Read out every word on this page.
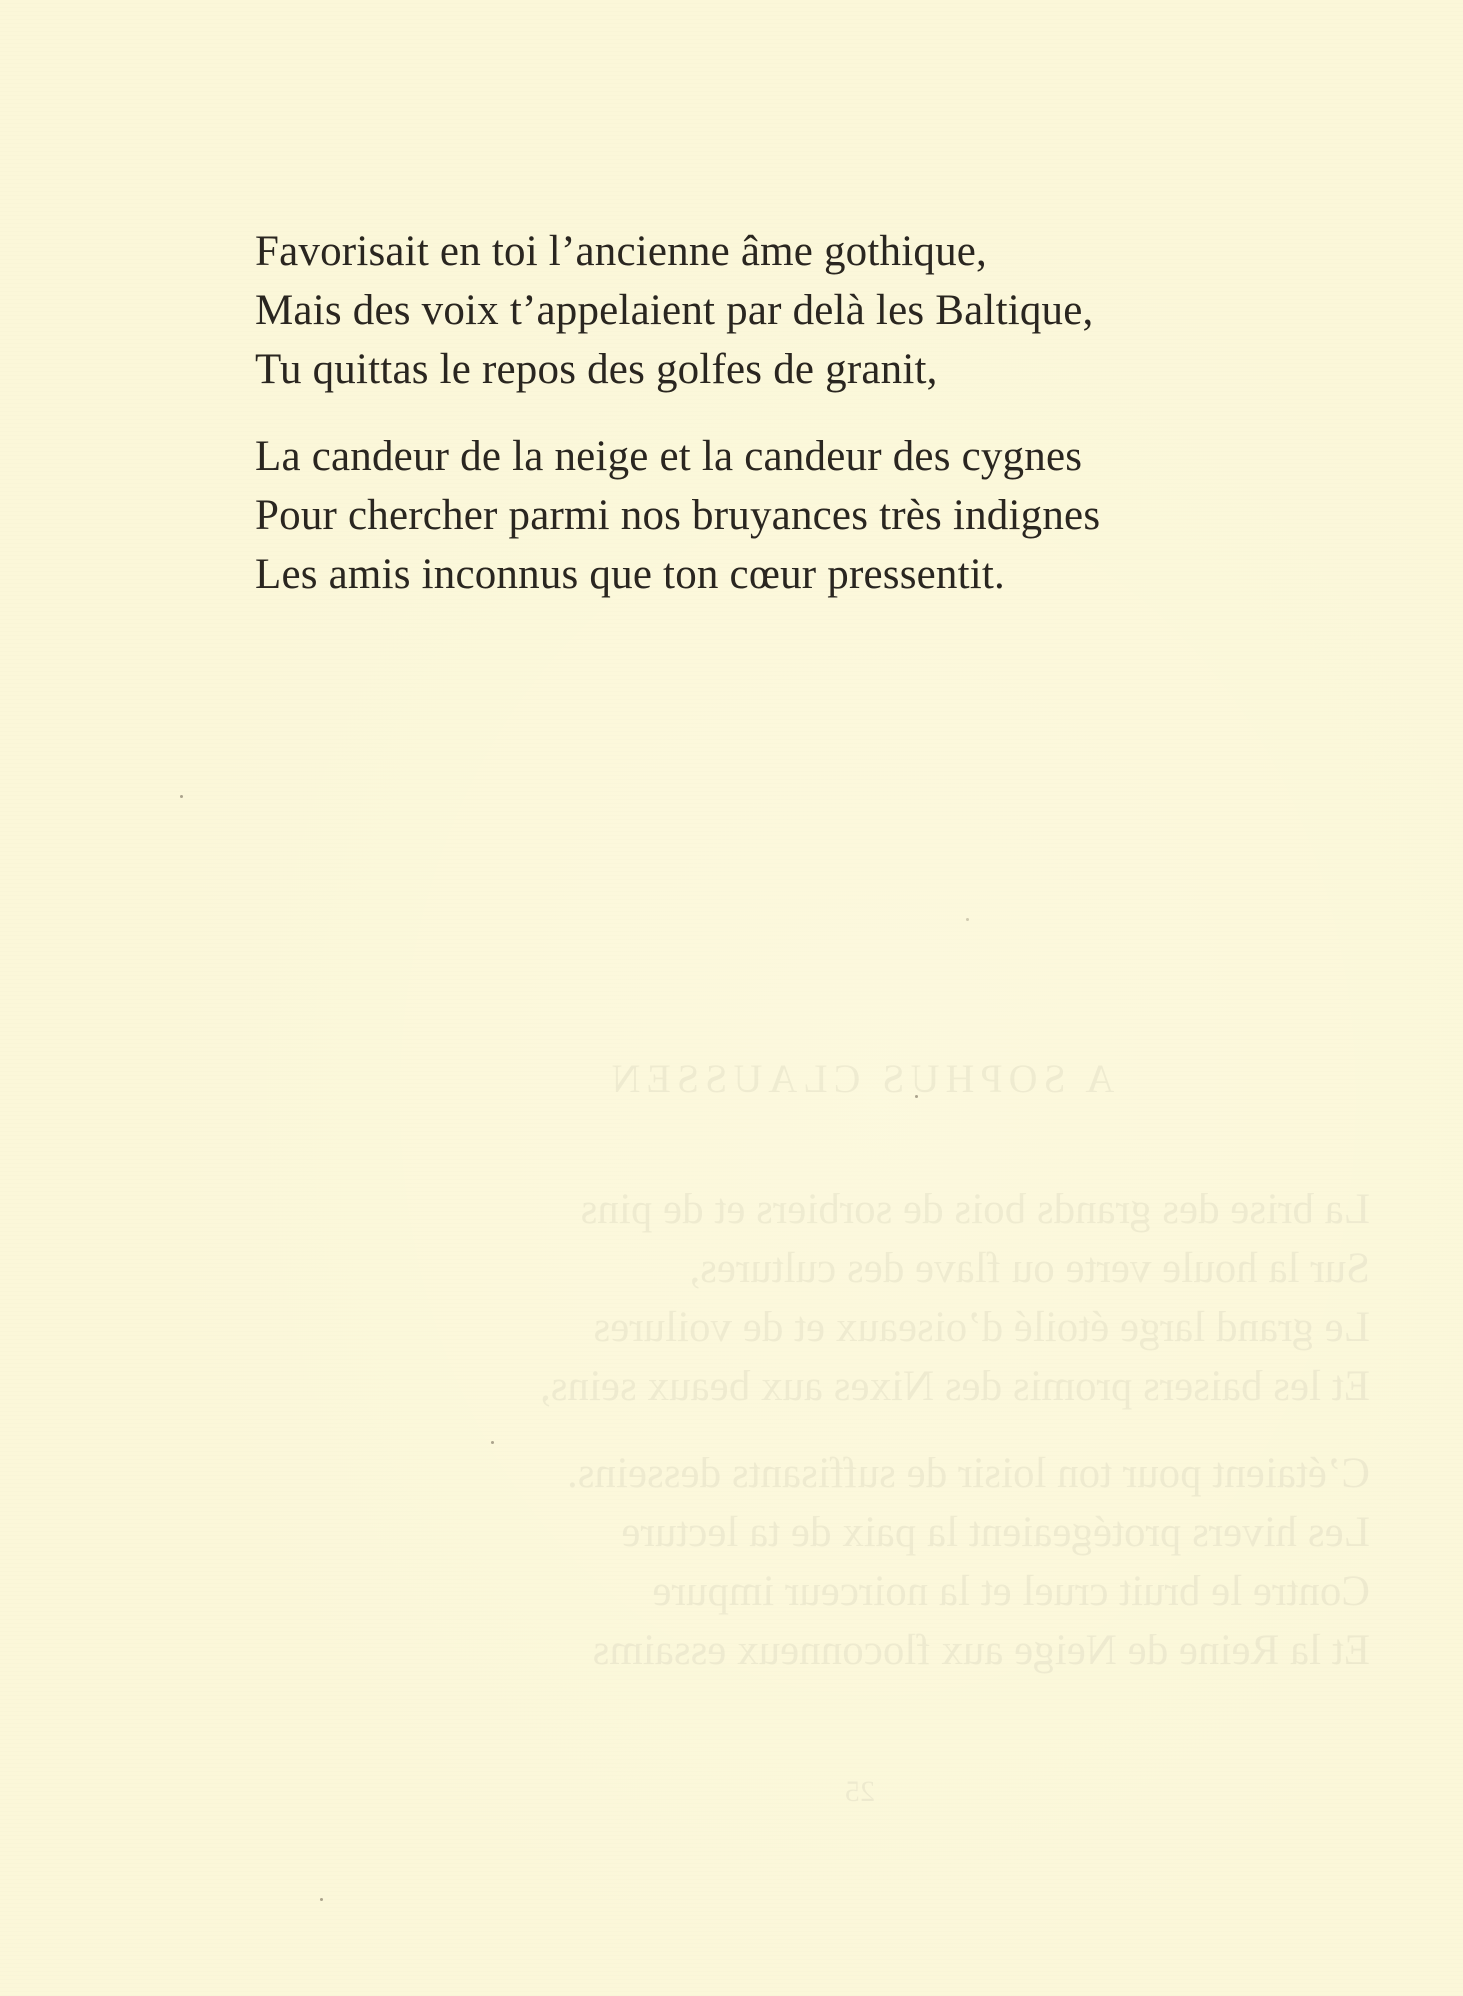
Favorisait en toi l’ancienne âme gothique,
Mais des voix t’appelaient par delà les Baltique,
Tu quittas le repos des golfes de granit,
La candeur de la neige et la candeur des cygnes
Pour chercher parmi nos bruyances très indignes
Les amis inconnus que ton cœur pressentit.
A SOPHUS CLAUSSEN
La brise des grands bois de sorbiers et de pins
Sur la houle verte ou flave des cultures,
Le grand large étoilé d’oiseaux et de voilures
Et les baisers promis des Nixes aux beaux seins,
C’étaient pour ton loisir de suffisants desseins.
Les hivers protégeaient la paix de ta lecture
Contre le bruit cruel et la noirceur impure
Et la Reine de Neige aux floconneux essaims
25
